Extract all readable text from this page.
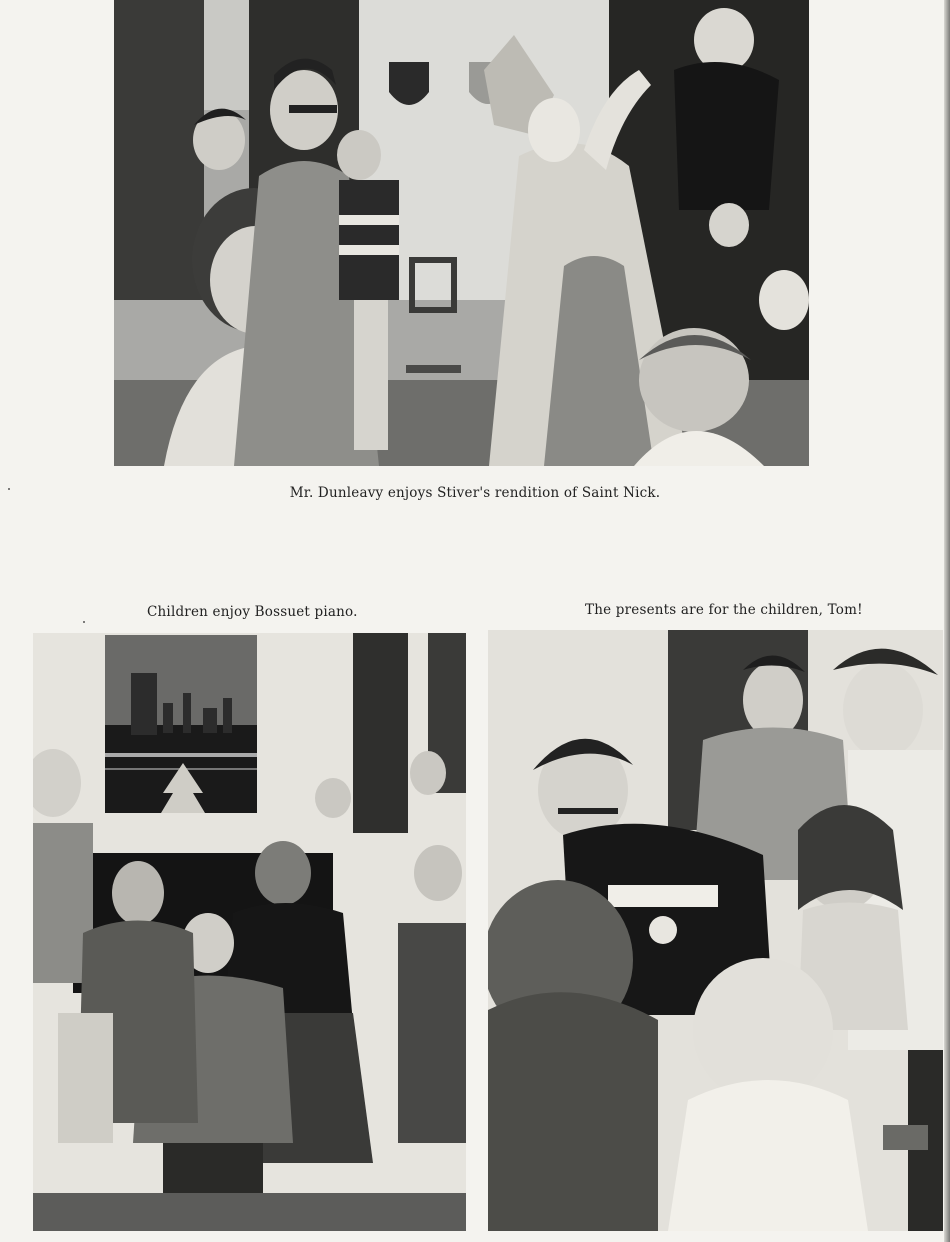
Mr. Dunleavy enjoys Stiver's rendition of Saint Nick.
Children enjoy Bossuet piano.	The presents are for the children, Tom!
